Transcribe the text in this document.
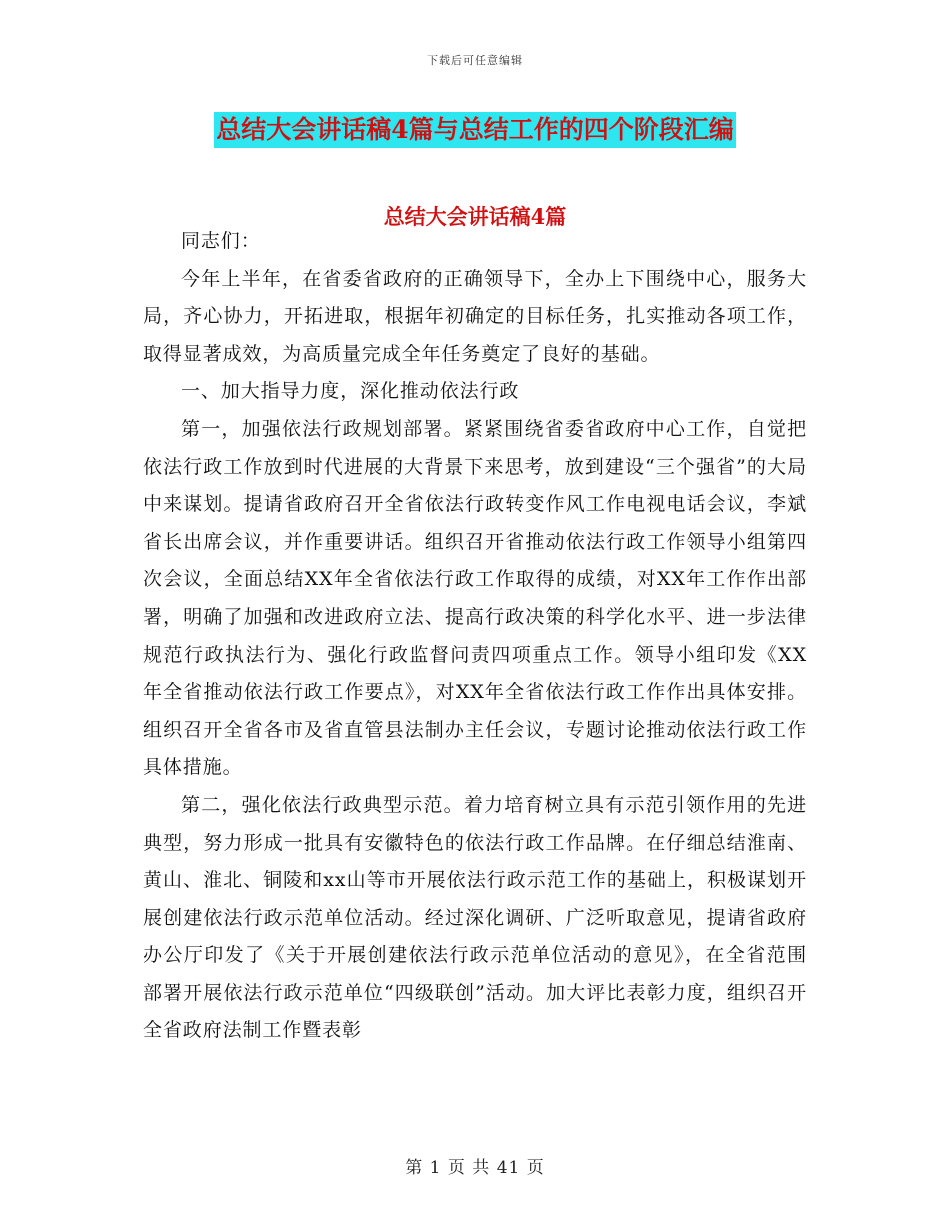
下载后可任意编辑
总结大会讲话稿4篇与总结工作的四个阶段汇编
总结大会讲话稿4篇

同志们：

今年上半年，在省委省政府的正确领导下，全办上下围绕中心，服务大局，齐心协力，开拓进取，根据年初确定的目标任务，扎实推动各项工作，取得显著成效，为高质量完成全年任务奠定了良好的基础。

一、加大指导力度，深化推动依法行政

第一，加强依法行政规划部署。紧紧围绕省委省政府中心工作，自觉把依法行政工作放到时代进展的大背景下来思考，放到建设“三个强省”的大局中来谋划。提请省政府召开全省依法行政转变作风工作电视电话会议，李斌省长出席会议，并作重要讲话。组织召开省推动依法行政工作领导小组第四次会议，全面总结XX年全省依法行政工作取得的成绩，对XX年工作作出部署，明确了加强和改进政府立法、提高行政决策的科学化水平、进一步法律规范行政执法行为、强化行政监督问责四项重点工作。领导小组印发《XX年全省推动依法行政工作要点》，对XX年全省依法行政工作作出具体安排。组织召开全省各市及省直管县法制办主任会议，专题讨论推动依法行政工作具体措施。

第二，强化依法行政典型示范。着力培育树立具有示范引领作用的先进典型，努力形成一批具有安徽特色的依法行政工作品牌。在仔细总结淮南、黄山、淮北、铜陵和xx山等市开展依法行政示范工作的基础上，积极谋划开展创建依法行政示范单位活动。经过深化调研、广泛听取意见，提请省政府办公厅印发了《关于开展创建依法行政示范单位活动的意见》，在全省范围部署开展依法行政示范单位“四级联创”活动。加大评比表彰力度，组织召开全省政府法制工作暨表彰

第 1 页 共 41 页
